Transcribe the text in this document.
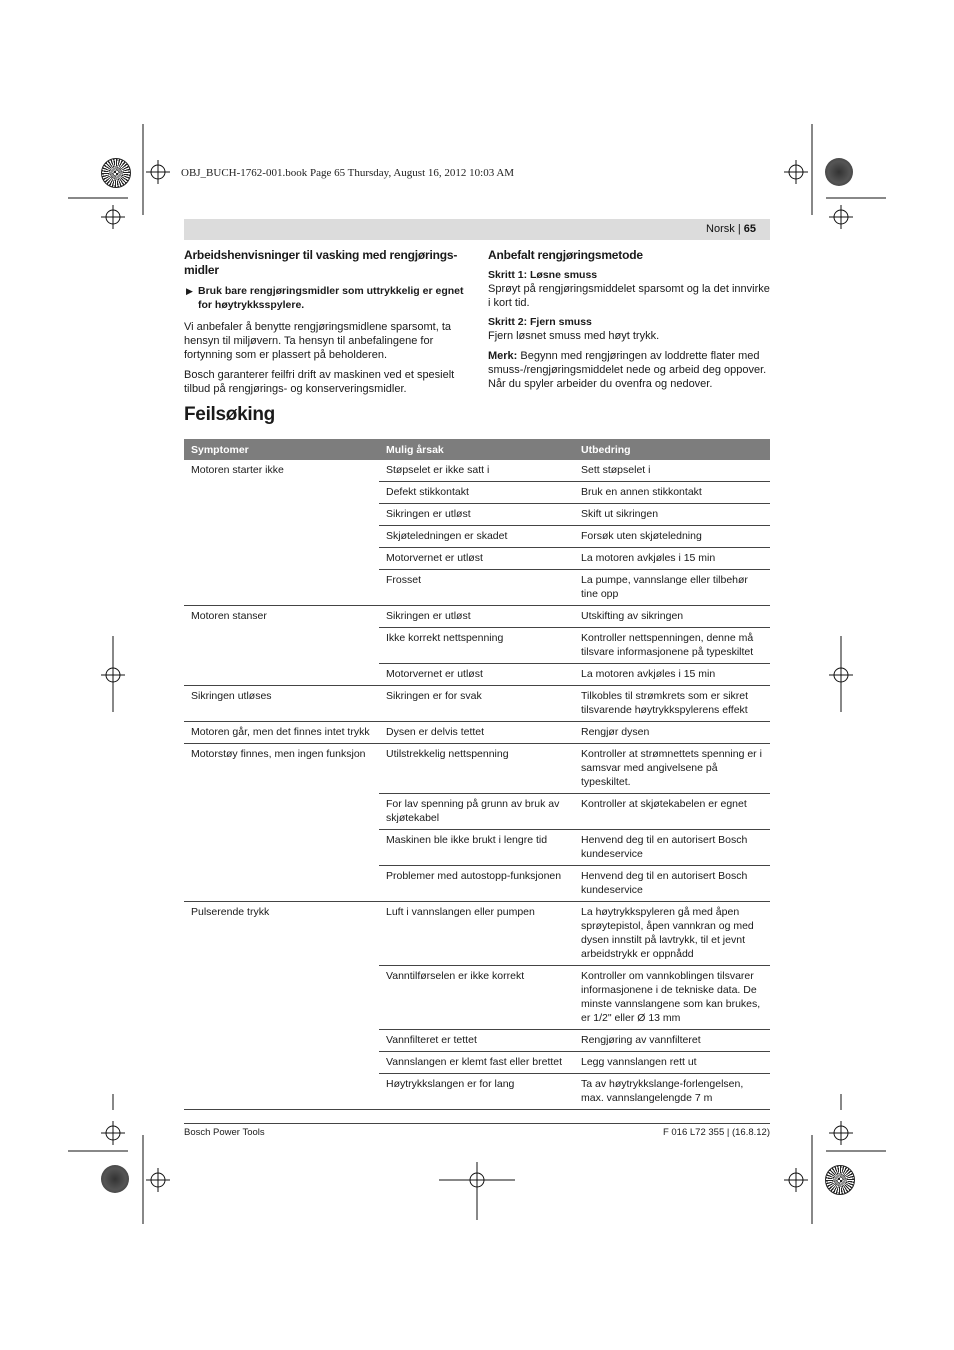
OBJ_BUCH-1762-001.book Page 65 Thursday, August 16, 2012 10:03 AM
Norsk | 65
Arbeidshenvisninger til vasking med rengjørings-midler
▶ Bruk bare rengjøringsmidler som uttrykkelig er egnet for høytrykksspylere.

Vi anbefaler å benytte rengjøringsmidlene sparsomt, ta hensyn til miljøvern. Ta hensyn til anbefalingene for fortynning som er plassert på beholderen.

Bosch garanterer feilfri drift av maskinen ved et spesielt tilbud på rengjørings- og konserveringsmidler.

Anbefalt rengjøringsmetode
Skritt 1: Løsne smuss

Sprøyt på rengjøringsmiddelet sparsomt og la det innvirke i kort tid.

Skritt 2: Fjern smuss

Fjern løsnet smuss med høyt trykk.

Merk: Begynn med rengjøringen av loddrette flater med smuss-/rengjøringsmiddelet nede og arbeid deg oppover. Når du spyler arbeider du ovenfra og nedover.

Feilsøking
Symptomer	Mulig årsak	Utbedring
Motoren starter ikke	Støpselet er ikke satt i	Sett støpselet i
	Defekt stikkontakt	Bruk en annen stikkontakt
	Sikringen er utløst	Skift ut sikringen
	Skjøteledningen er skadet	Forsøk uten skjøteledning
	Motorvernet er utløst	La motoren avkjøles i 15 min
	Frosset	La pumpe, vannslange eller tilbehør tine opp
Motoren stanser	Sikringen er utløst	Utskifting av sikringen
	Ikke korrekt nettspenning	Kontroller nettspenningen, denne må tilsvare informasjonene på typeskiltet
	Motorvernet er utløst	La motoren avkjøles i 15 min
Sikringen utløses	Sikringen er for svak	Tilkobles til strømkrets som er sikret tilsvarende høytrykkspylerens effekt
Motoren går, men det finnes intet trykk	Dysen er delvis tettet	Rengjør dysen
Motorstøy finnes, men ingen funksjon	Utilstrekkelig nettspenning	Kontroller at strømnettets spenning er i samsvar med angivelsene på typeskiltet.
	For lav spenning på grunn av bruk av skjøtekabel	Kontroller at skjøtekabelen er egnet
	Maskinen ble ikke brukt i lengre tid	Henvend deg til en autorisert Bosch kundeservice
	Problemer med autostopp-funksjonen	Henvend deg til en autorisert Bosch kundeservice
Pulserende trykk	Luft i vannslangen eller pumpen	La høytrykkspyleren gå med åpen sprøytepistol, åpen vannkran og med dysen innstilt på lavtrykk, til et jevnt arbeidstrykk er oppnådd
	Vanntilførselen er ikke korrekt	Kontroller om vannkoblingen tilsvarer informasjonene i de tekniske data. De minste vannslangene som kan brukes, er 1/2" eller Ø 13 mm
	Vannfilteret er tettet	Rengjøring av vannfilteret
	Vannslangen er klemt fast eller brettet	Legg vannslangen rett ut
	Høytrykkslangen er for lang	Ta av høytrykkslange-forlengelsen, max. vannslangelengde 7 m
Bosch Power Tools	F 016 L72 355 | (16.8.12)
